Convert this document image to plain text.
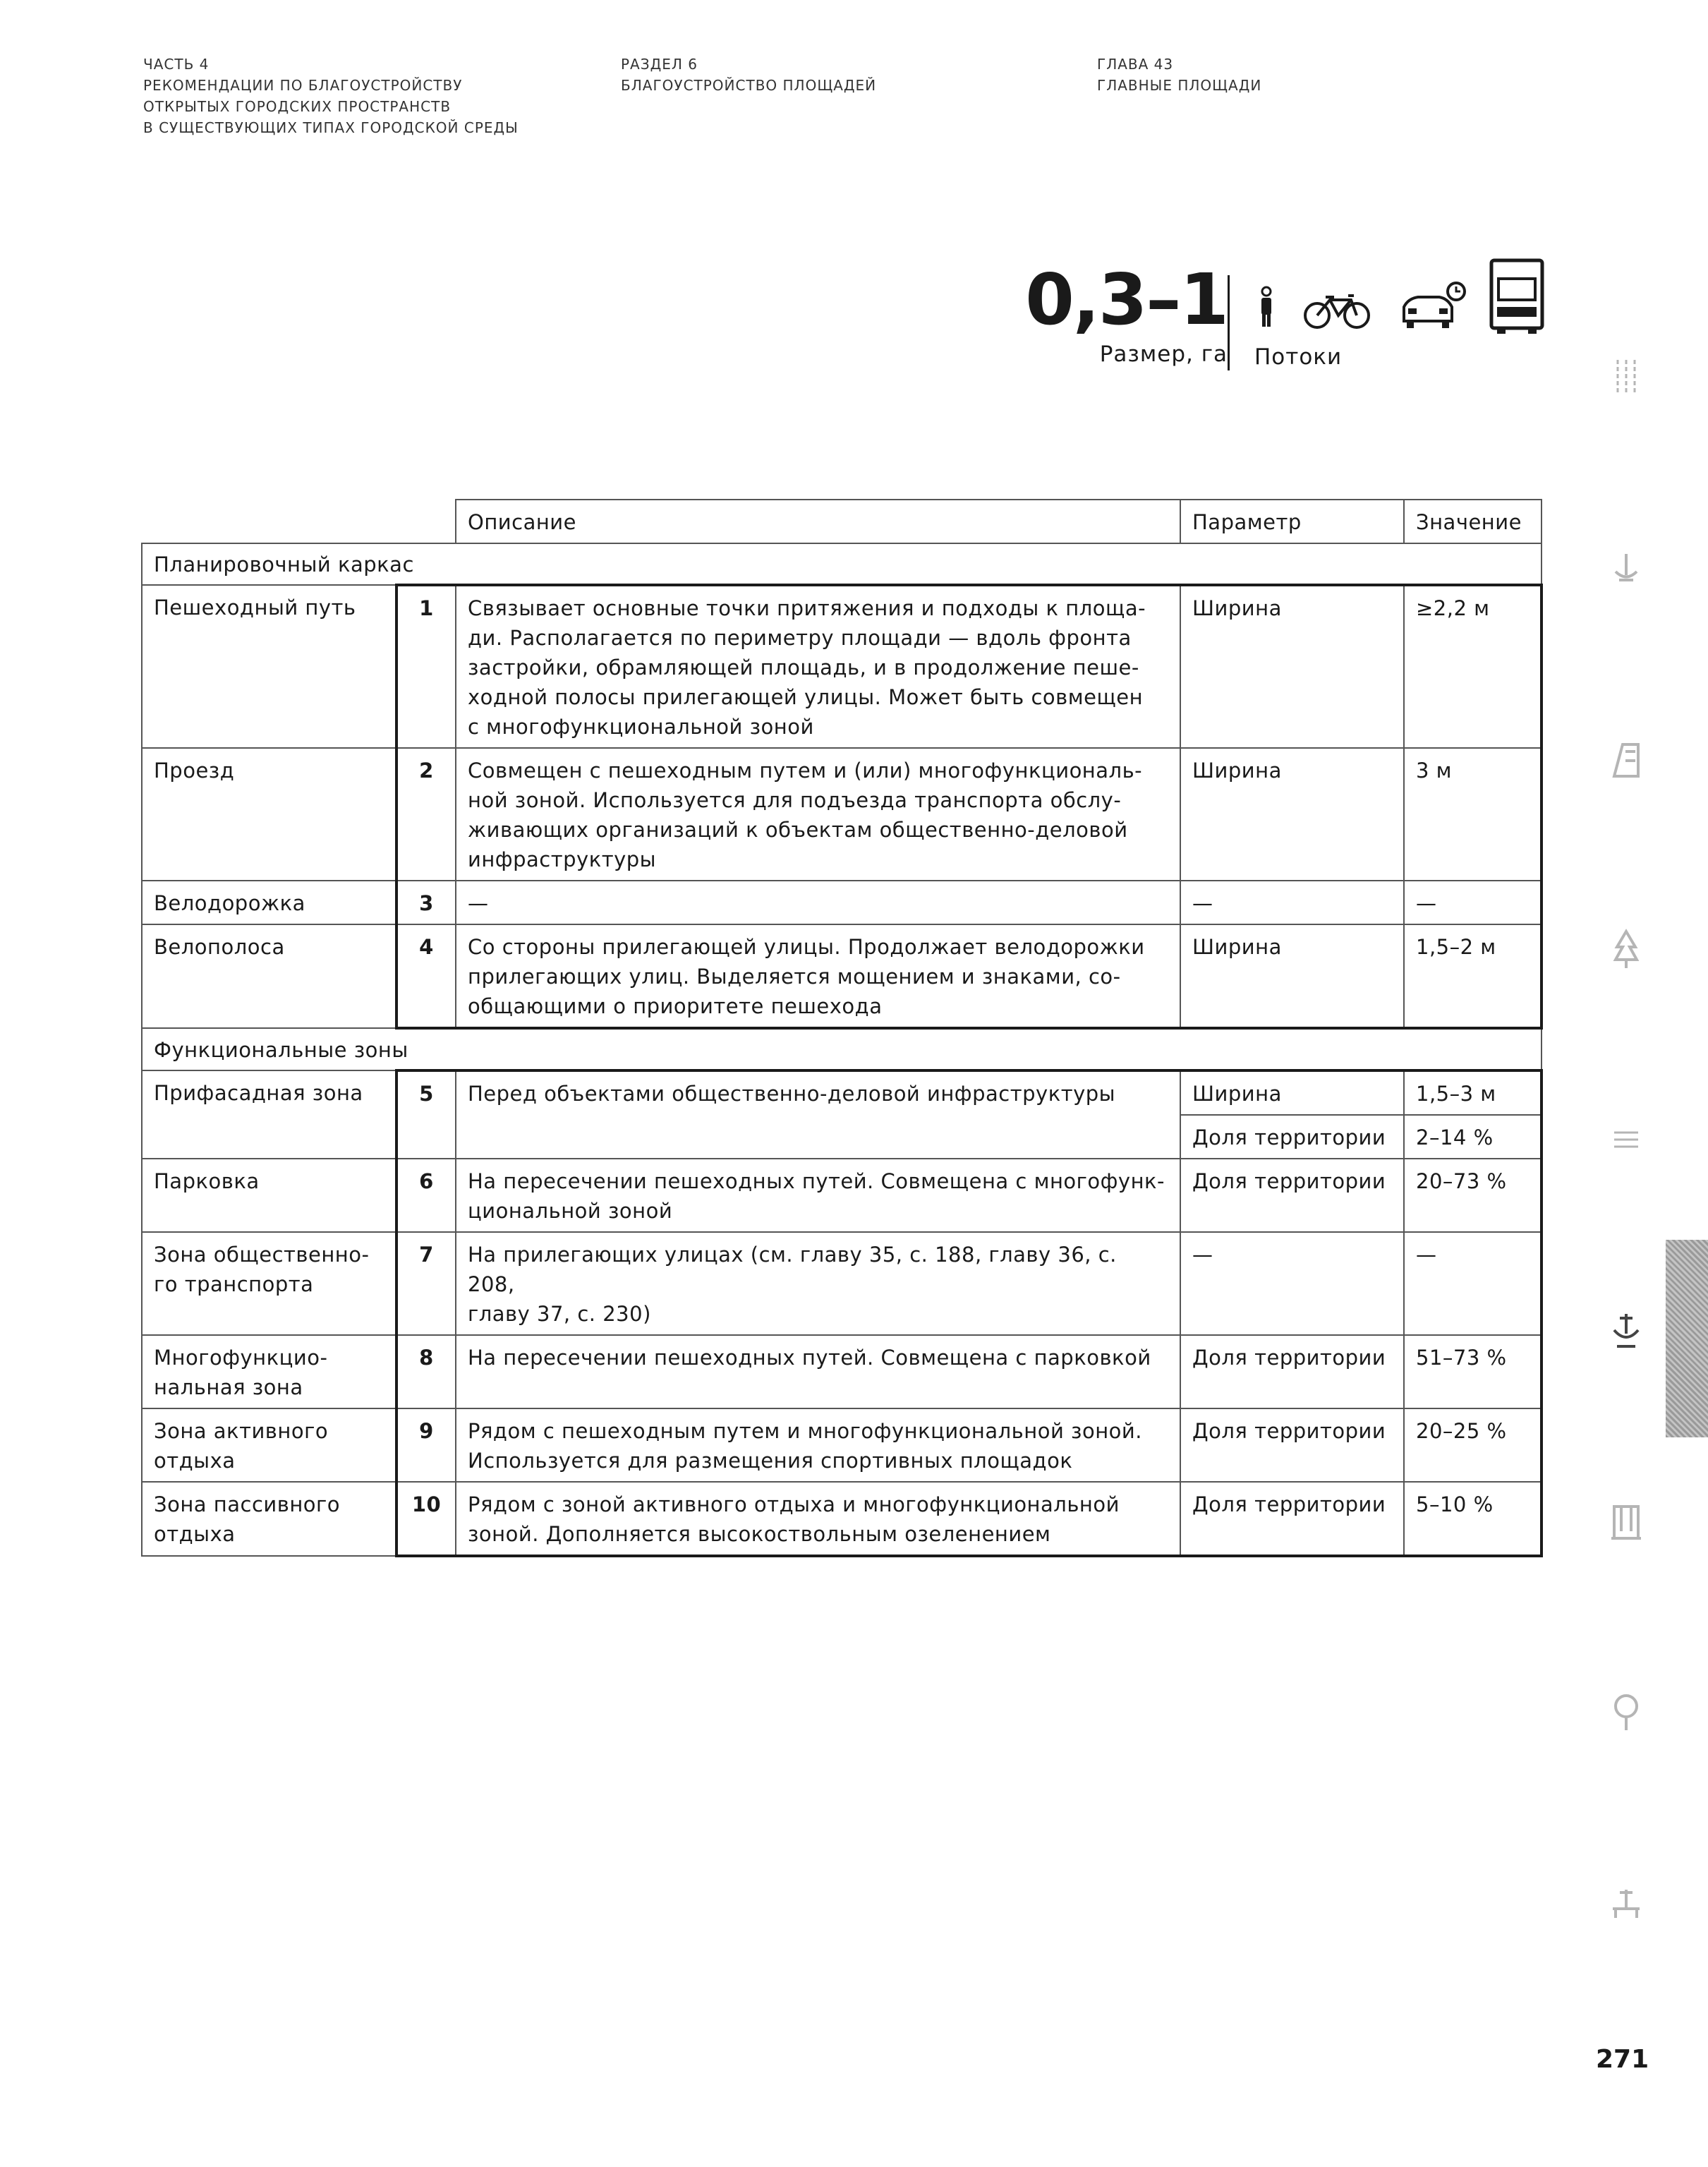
ЧАСТЬ 4
РЕКОМЕНДАЦИИ ПО БЛАГОУСТРОЙСТВУ
ОТКРЫТЫХ ГОРОДСКИХ ПРОСТРАНСТВ
В СУЩЕСТВУЮЩИХ ТИПАХ ГОРОДСКОЙ СРЕДЫ
РАЗДЕЛ 6
БЛАГОУСТРОЙСТВО ПЛОЩАДЕЙ
ГЛАВА 43
ГЛАВНЫЕ ПЛОЩАДИ
0,3–1
Размер, га Потоки
		Описание	Параметр	Значение
Планировочный каркас				
Пешеходный путь	1	Связывает основные точки притяжения и подходы к площа-
ди. Располагается по периметру площади — вдоль фронта
застройки, обрамляющей площадь, и в продолжение пеше-
ходной полосы прилегающей улицы. Может быть совмещен
с многофункциональной зоной	Ширина	≥2,2 м
Проезд	2	Совмещен с пешеходным путем и (или) многофункциональ-
ной зоной. Используется для подъезда транспорта обслу-
живающих организаций к объектам общественно-деловой
инфраструктуры	Ширина	3 м
Велодорожка	3	—	—	—
Велополоса	4	Со стороны прилегающей улицы. Продолжает велодорожки
прилегающих улиц. Выделяется мощением и знаками, со-
общающими о приоритете пешехода	Ширина	1,5–2 м
Функциональные зоны				
Прифасадная зона	5	Перед объектами общественно-деловой инфраструктуры	Ширина	1,5–3 м
			Доля территории	2–14 %
Парковка	6	На пересечении пешеходных путей. Совмещена с многофунк-
циональной зоной	Доля территории	20–73 %
Зона общественно-
го транспорта	7	На прилегающих улицах (см. главу 35, с. 188, главу 36, с. 208,
главу 37, с. 230)	—	—
Многофункцио-
нальная зона	8	На пересечении пешеходных путей. Совмещена с парковкой	Доля территории	51–73 %
Зона активного
отдыха	9	Рядом с пешеходным путем и многофункциональной зоной.
Используется для размещения спортивных площадок	Доля территории	20–25 %
Зона пассивного
отдыха	10	Рядом с зоной активного отдыха и многофункциональной
зоной. Дополняется высокоствольным озеленением	Доля территории	5–10 %
271
